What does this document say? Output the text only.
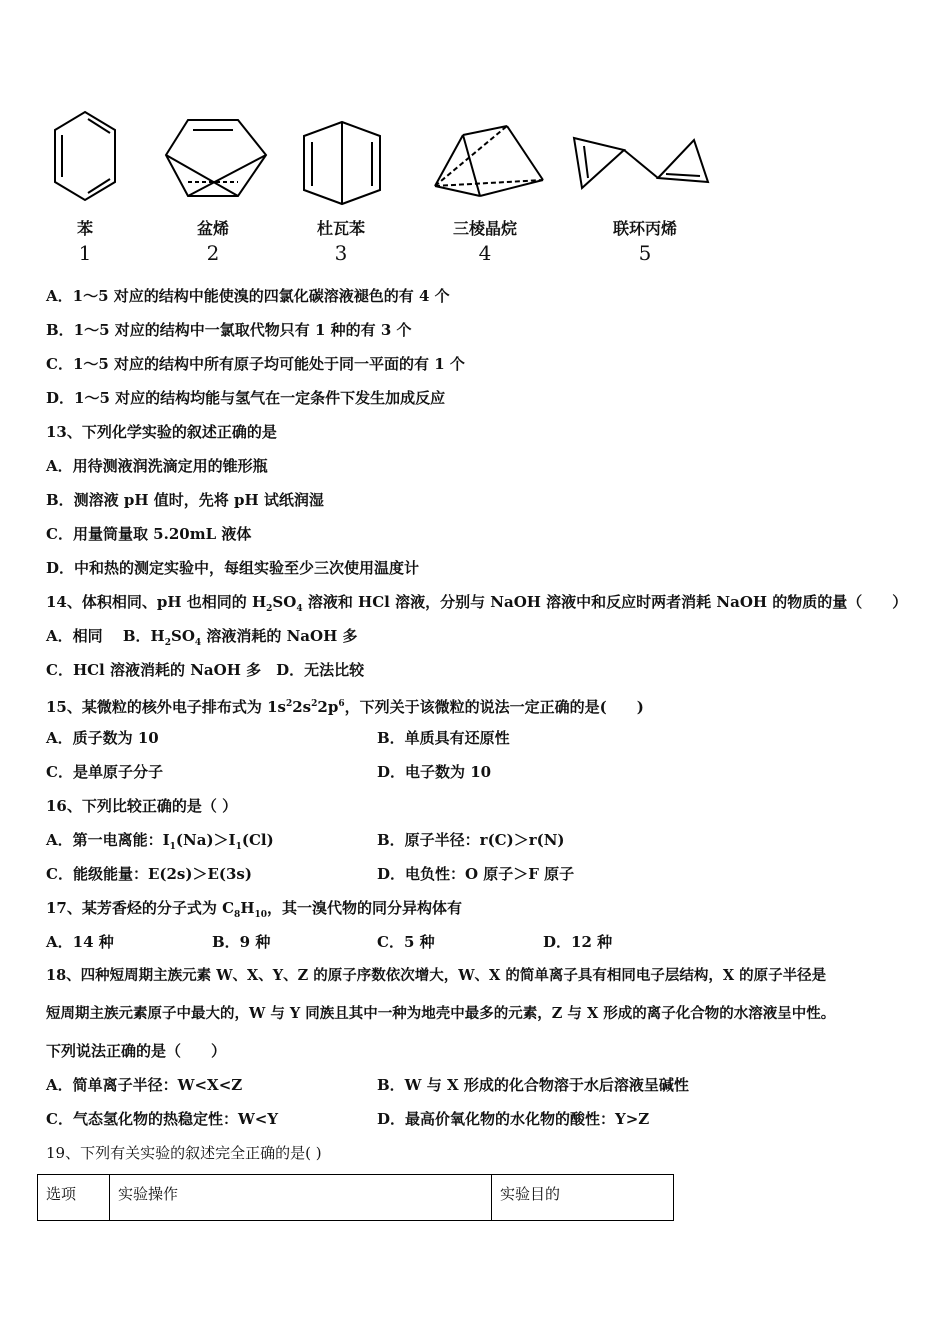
苯
1
盆烯
2
杜瓦苯
3
三棱晶烷
4
联环丙烯
5
A．1～5 对应的结构中能使溴的四氯化碳溶液褪色的有 4 个
B．1～5 对应的结构中一氯取代物只有 1 种的有 3 个
C．1～5 对应的结构中所有原子均可能处于同一平面的有 1 个
D．1～5 对应的结构均能与氢气在一定条件下发生加成反应
13、下列化学实验的叙述正确的是
A．用待测液润洗滴定用的锥形瓶
B．测溶液 pH 值时，先将 pH 试纸润湿
C．用量筒量取 5.20mL 液体
D．中和热的测定实验中，每组实验至少三次使用温度计
14、体积相同、pH 也相同的 $H_2SO_4$ 溶液和 HCl 溶液，分别与 NaOH 溶液中和反应时两者消耗 NaOH 的物质的量（　　）
A．相同　 B．$H_2SO_4$ 溶液消耗的 NaOH 多
C．HCl 溶液消耗的 NaOH 多　D．无法比较
15、某微粒的核外电子排布式为 $1s^22s^22p^6$，下列关于该微粒的说法一定正确的是(　　)
A．质子数为 10	B．单质具有还原性
C．是单原子分子	D．电子数为 10
16、下列比较正确的是（ ）
A．第一电离能：$I_1(Na)>I_1(Cl)$	B．原子半径：r(C)＞r(N)
C．能级能量：E(2s)＞E(3s)	D．电负性：O 原子＞F 原子
17、某芳香烃的分子式为 $C_8H_{10}$，其一溴代物的同分异构体有
A．14 种	B．9 种	C．5 种	D．12 种
18、四种短周期主族元素 W、X、Y、Z 的原子序数依次增大，W、X 的简单离子具有相同电子层结构，X 的原子半径是
短周期主族元素原子中最大的，W 与 Y 同族且其中一种为地壳中最多的元素，Z 与 X 形成的离子化合物的水溶液呈中性。
下列说法正确的是（　　）
A．简单离子半径：W<X<Z	B．W 与 X 形成的化合物溶于水后溶液呈碱性
C．气态氢化物的热稳定性：W<Y	D．最高价氧化物的水化物的酸性：Y>Z
19、下列有关实验的叙述完全正确的是( )
选项	实验操作	实验目的
